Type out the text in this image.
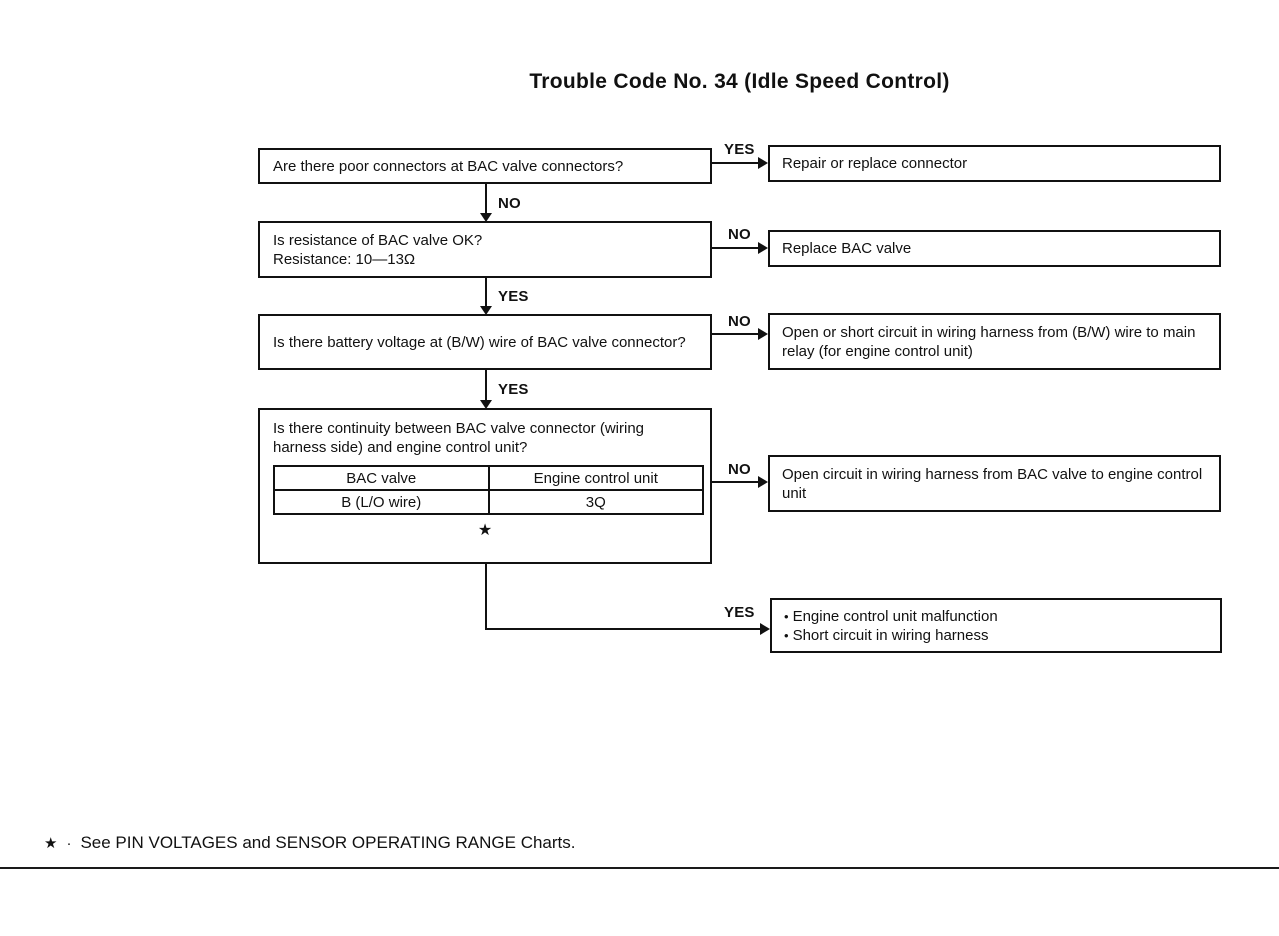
Trouble Code No. 34 (Idle Speed Control)
Are there poor connectors at BAC valve connectors?
YES
Repair or replace connector
NO
Is resistance of BAC valve OK?
Resistance: 10—13Ω
NO
Replace BAC valve
YES
Is there battery voltage at (B/W) wire of BAC valve connector?
NO
Open or short circuit in wiring harness from (B/W) wire to main relay (for engine control unit)
YES
Is there continuity between BAC valve connector (wiring harness side) and engine control unit?
BAC valve	Engine control unit
B (L/O wire)	3Q
★
NO Open circuit in wiring harness from BAC valve to engine control unit
YES • Engine control unit malfunction
• Short circuit in wiring harness
★ · See PIN VOLTAGES and SENSOR OPERATING RANGE Charts.
